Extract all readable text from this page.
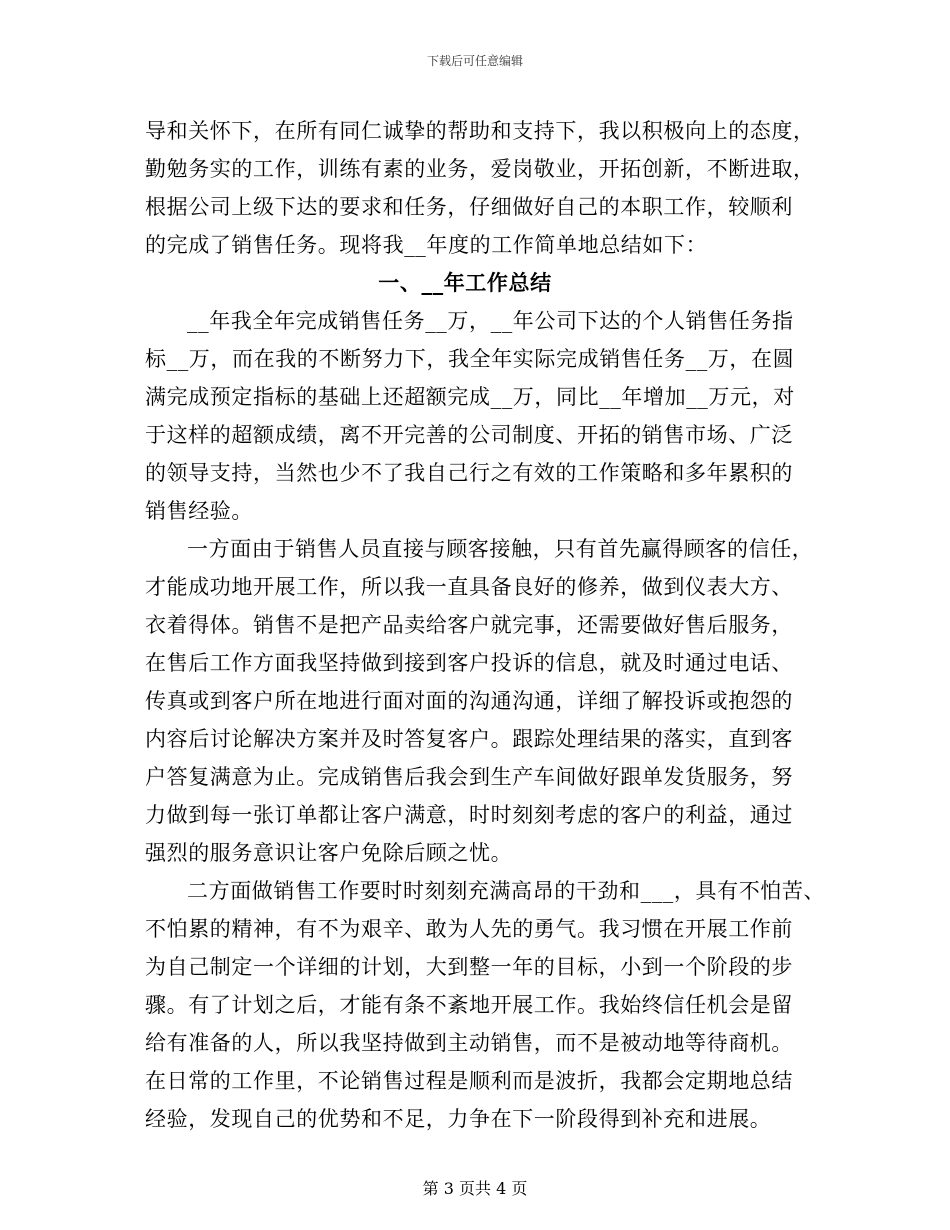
下载后可任意编辑
导和关怀下，在所有同仁诚挚的帮助和支持下，我以积极向上的态度，
勤勉务实的工作，训练有素的业务，爱岗敬业，开拓创新，不断进取，
根据公司上级下达的要求和任务，仔细做好自己的本职工作，较顺利
的完成了销售任务。现将我__年度的工作简单地总结如下：
一、__年工作总结
__年我全年完成销售任务__万，__年公司下达的个人销售任务指
标__万，而在我的不断努力下，我全年实际完成销售任务__万，在圆
满完成预定指标的基础上还超额完成__万，同比__年增加__万元，对
于这样的超额成绩，离不开完善的公司制度、开拓的销售市场、广泛
的领导支持，当然也少不了我自己行之有效的工作策略和多年累积的
销售经验。
一方面由于销售人员直接与顾客接触，只有首先赢得顾客的信任，
才能成功地开展工作，所以我一直具备良好的修养，做到仪表大方、
衣着得体。销售不是把产品卖给客户就完事，还需要做好售后服务，
在售后工作方面我坚持做到接到客户投诉的信息，就及时通过电话、
传真或到客户所在地进行面对面的沟通沟通，详细了解投诉或抱怨的
内容后讨论解决方案并及时答复客户。跟踪处理结果的落实，直到客
户答复满意为止。完成销售后我会到生产车间做好跟单发货服务，努
力做到每一张订单都让客户满意，时时刻刻考虑的客户的利益，通过
强烈的服务意识让客户免除后顾之忧。
二方面做销售工作要时时刻刻充满高昂的干劲和___，具有不怕苦、
不怕累的精神，有不为艰辛、敢为人先的勇气。我习惯在开展工作前
为自己制定一个详细的计划，大到整一年的目标，小到一个阶段的步
骤。有了计划之后，才能有条不紊地开展工作。我始终信任机会是留
给有准备的人，所以我坚持做到主动销售，而不是被动地等待商机。
在日常的工作里，不论销售过程是顺利而是波折，我都会定期地总结
经验，发现自己的优势和不足，力争在下一阶段得到补充和进展。
第 3 页共 4 页
